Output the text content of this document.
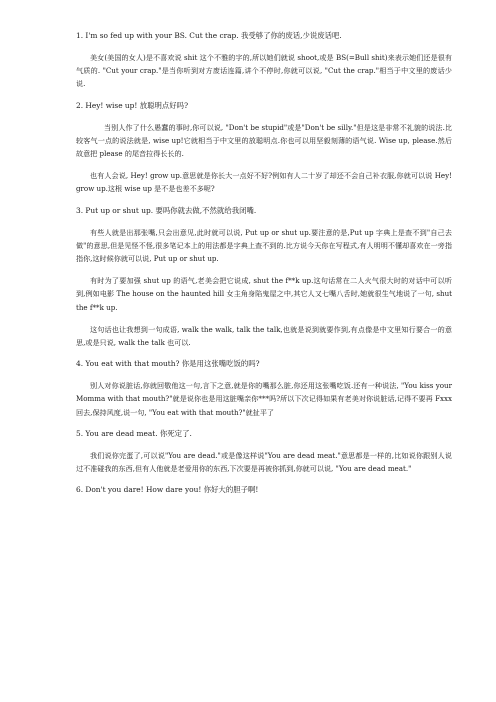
1. I'm so fed up with your BS. Cut the crap. 我受够了你的废话,少说废话吧.

美女(美国的女人)是不喜欢说 shit 这个不雅的字的,所以她们就说 shoot,或是 BS(=Bull shit)来表示她们还是很有气质的. "Cut your crap."是当你听到对方废话连篇,讲个不停时,你就可以说, "Cut the crap."相当于中文里的废话少说.

2. Hey! wise up! 放聪明点好吗?

当别人作了什么愚蠢的事时,你可以说, "Don't be stupid"或是"Don't be silly."但是这是非常不礼貌的说法.比较客气一点的说法就是, wise up!它就相当于中文里的放聪明点.你也可以用坚毅刻薄的语气说. Wise up, please.然后故意把 please 的尾音拉得长长的.

也有人会说, Hey! grow up.意思就是你长大一点好不好?例如有人二十岁了却还不会自己补衣服,你就可以说 Hey! grow up.这根 wise up 是不是也差不多呢?

3. Put up or shut up. 要吗你就去做,不然就给我闭嘴.

有些人就是出那张嘴,只会出意见,此时就可以说, Put up or shut up.要注意的是,Put up 字典上是查不到"自己去做"的意思,但是见怪不怪,很多笔记本上的用法都是字典上查不到的.比方说今天你在写程式,有人明明不懂却喜欢在一旁指指你,这时候你就可以说, Put up or shut up.

有时为了要加强 shut up 的语气,老美会把它说成, shut the f**k up.这句话常在二人火气很大时的对话中可以听到,例如电影 The house on the haunted hill 女主角身陷鬼屋之中,其它人又七嘴八舌时,她就很生气地说了一句, shut the f**k up.

这句话也让我想到一句成语, walk the walk, talk the talk,也就是说到就要作到,有点像是中文里知行要合一的意思,或是只说, walk the talk 也可以.

4. You eat with that mouth? 你是用这张嘴吃饭的吗?

别人对你说脏话,你就回敬他这一句,言下之意,就是你的嘴那么脏,你还用这张嘴吃饭.还有一种说法, "You kiss your Momma with that mouth?"就是说你也是用这脏嘴亲你***吗?所以下次记得如果有老美对你说脏话,记得不要再 Fxxx 回去,保持风度,说一句, "You eat with that mouth?"就扯平了

5. You are dead meat. 你死定了.

我们说你完蛋了,可以说"You are dead."或是像这样说"You are dead meat."意思都是一样的,比如说你跟别人说过不准碰我的东西,但有人他就是老爱用你的东西,下次要是再被你抓到,你就可以说, "You are dead meat."

6. Don't you dare! How dare you! 你好大的胆子啊!
